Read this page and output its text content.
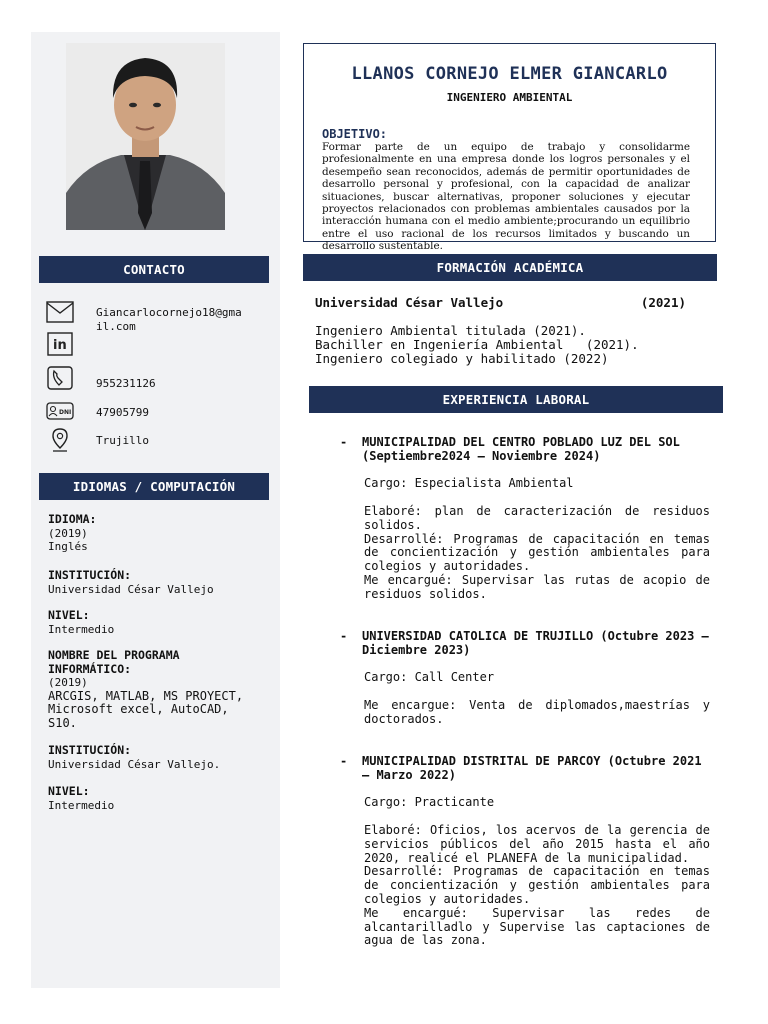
LLANOS CORNEJO ELMER GIANCARLO
INGENIERO AMBIENTAL
OBJETIVO:
Formar parte de un equipo de trabajo y consolidarme profesionalmente en una empresa donde los logros personales y el desempeño sean reconocidos, además de permitir oportunidades de desarrollo personal y profesional, con la capacidad de analizar situaciones, buscar alternativas, proponer soluciones y ejecutar proyectos relacionados con problemas ambientales causados por la interacción humana con el medio ambiente;procurando un equilibrio entre el uso racional de los recursos limitados y buscando un desarrollo sustentable.
CONTACTO
in
DNI
Giancarlocornejo18@gmail.com
955231126
47905799
Trujillo
IDIOMAS / COMPUTACIÓN
IDIOMA:
(2019)
Inglés
INSTITUCIÓN:
Universidad César Vallejo
NIVEL:
Intermedio
NOMBRE DEL PROGRAMA INFORMÁTICO:
(2019)
ARCGIS, MATLAB, MS PROYECT, Microsoft excel, AutoCAD, S10.
INSTITUCIÓN:
Universidad César Vallejo.
NIVEL:
Intermedio
FORMACIÓN ACADÉMICA
Universidad César Vallejo	(2021)
Ingeniero Ambiental titulada (2021).
Bachiller en Ingeniería Ambiental   (2021).
Ingeniero colegiado y habilitado (2022)
EXPERIENCIA LABORAL
-	MUNICIPALIDAD DEL CENTRO POBLADO LUZ DEL SOL (Septiembre2024 – Noviembre 2024)
Cargo: Especialista Ambiental
Elaboré: plan de caracterización de residuos solidos.
Desarrollé: Programas de capacitación en temas de concientización y gestión ambientales para colegios y autoridades.
Me encargué: Supervisar las rutas de acopio de residuos solidos.
-	UNIVERSIDAD CATOLICA DE TRUJILLO (Octubre 2023 – Diciembre 2023)
Cargo: Call Center
Me encargue: Venta de diplomados,maestrías y doctorados.
-	MUNICIPALIDAD DISTRITAL DE PARCOY (Octubre 2021 – Marzo 2022)
Cargo: Practicante
Elaboré: Oficios, los acervos de la gerencia de servicios públicos del año 2015 hasta el año 2020, realicé el PLANEFA de la municipalidad.
Desarrollé: Programas de capacitación en temas de concientización y gestión ambientales para colegios y autoridades.
Me encargué: Supervisar las redes de alcantarilladlo y Supervise las captaciones de agua de las zona.
